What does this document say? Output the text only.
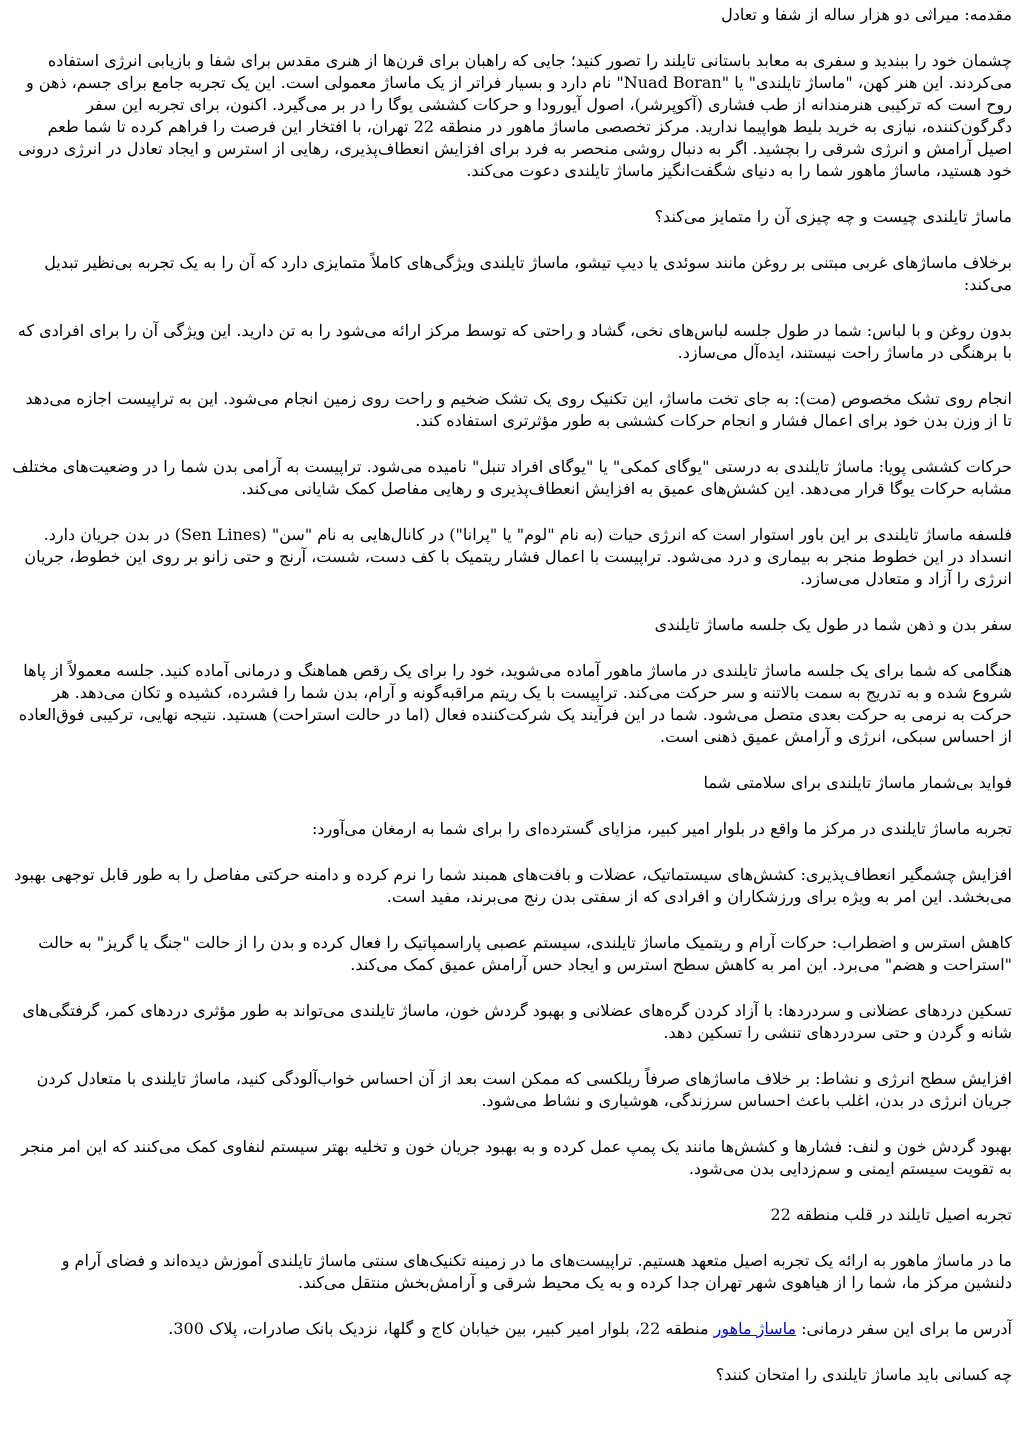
مقدمه: میراثی دو هزار ساله از شفا و تعادل

چشمان خود را ببندید و سفری به معابد باستانی تایلند را تصور کنید؛ جایی که راهبان برای قرن‌ها از هنری مقدس برای شفا و بازیابی انرژی استفاده می‌کردند. این هنر کهن، "ماساژ تایلندی" یا "Nuad Boran" نام دارد و بسیار فراتر از یک ماساژ معمولی است. این یک تجربه جامع برای جسم، ذهن و روح است که ترکیبی هنرمندانه از طب فشاری (آکوپرشر)، اصول آیورودا و حرکات کششی یوگا را در بر می‌گیرد. اکنون، برای تجربه این سفر دگرگون‌کننده، نیازی به خرید بلیط هواپیما ندارید. مرکز تخصصی ماساژ ماهور در منطقه 22 تهران، با افتخار این فرصت را فراهم کرده تا شما طعم اصیل آرامش و انرژی شرقی را بچشید. اگر به دنبال روشی منحصر به فرد برای افزایش انعطاف‌پذیری، رهایی از استرس و ایجاد تعادل در انرژی درونی خود هستید، ماساژ ماهور شما را به دنیای شگفت‌انگیز ماساژ تایلندی دعوت می‌کند.

ماساژ تایلندی چیست و چه چیزی آن را متمایز می‌کند؟

برخلاف ماساژهای غربی مبتنی بر روغن مانند سوئدی یا دیپ تیشو، ماساژ تایلندی ویژگی‌های کاملاً متمایزی دارد که آن را به یک تجربه بی‌نظیر تبدیل می‌کند:

بدون روغن و با لباس: شما در طول جلسه لباس‌های نخی، گشاد و راحتی که توسط مرکز ارائه می‌شود را به تن دارید. این ویژگی آن را برای افرادی که با برهنگی در ماساژ راحت نیستند، ایده‌آل می‌سازد.

انجام روی تشک مخصوص (مت): به جای تخت ماساژ، این تکنیک روی یک تشک ضخیم و راحت روی زمین انجام می‌شود. این به تراپیست اجازه می‌دهد تا از وزن بدن خود برای اعمال فشار و انجام حرکات کششی به طور مؤثرتری استفاده کند.

حرکات کششی پویا: ماساژ تایلندی به درستی "یوگای کمکی" یا "یوگای افراد تنبل" نامیده می‌شود. تراپیست به آرامی بدن شما را در وضعیت‌های مختلف مشابه حرکات یوگا قرار می‌دهد. این کشش‌های عمیق به افزایش انعطاف‌پذیری و رهایی مفاصل کمک شایانی می‌کند.

فلسفه ماساژ تایلندی بر این باور استوار است که انرژی حیات (به نام "لوم" یا "پرانا") در کانال‌هایی به نام "سن" (Sen Lines) در بدن جریان دارد. انسداد در این خطوط منجر به بیماری و درد می‌شود. تراپیست با اعمال فشار ریتمیک با کف دست، شست، آرنج و حتی زانو بر روی این خطوط، جریان انرژی را آزاد و متعادل می‌سازد.

سفر بدن و ذهن شما در طول یک جلسه ماساژ تایلندی

هنگامی که شما برای یک جلسه ماساژ تایلندی در ماساژ ماهور آماده می‌شوید، خود را برای یک رقص هماهنگ و درمانی آماده کنید. جلسه معمولاً از پاها شروع شده و به تدریج به سمت بالاتنه و سر حرکت می‌کند. تراپیست با یک ریتم مراقبه‌گونه و آرام، بدن شما را فشرده، کشیده و تکان می‌دهد. هر حرکت به نرمی به حرکت بعدی متصل می‌شود. شما در این فرآیند یک شرکت‌کننده فعال (اما در حالت استراحت) هستید. نتیجه نهایی، ترکیبی فوق‌العاده از احساس سبکی، انرژی و آرامش عمیق ذهنی است.

فواید بی‌شمار ماساژ تایلندی برای سلامتی شما

تجربه ماساژ تایلندی در مرکز ما واقع در بلوار امیر کبیر، مزایای گسترده‌ای را برای شما به ارمغان می‌آورد:

افزایش چشمگیر انعطاف‌پذیری: کشش‌های سیستماتیک، عضلات و بافت‌های همبند شما را نرم کرده و دامنه حرکتی مفاصل را به طور قابل توجهی بهبود می‌بخشد. این امر به ویژه برای ورزشکاران و افرادی که از سفتی بدن رنج می‌برند، مفید است.

کاهش استرس و اضطراب: حرکات آرام و ریتمیک ماساژ تایلندی، سیستم عصبی پاراسمپاتیک را فعال کرده و بدن را از حالت "جنگ یا گریز" به حالت "استراحت و هضم" می‌برد. این امر به کاهش سطح استرس و ایجاد حس آرامش عمیق کمک می‌کند.

تسکین دردهای عضلانی و سردردها: با آزاد کردن گره‌های عضلانی و بهبود گردش خون، ماساژ تایلندی می‌تواند به طور مؤثری دردهای کمر، گرفتگی‌های شانه و گردن و حتی سردردهای تنشی را تسکین دهد.

افزایش سطح انرژی و نشاط: بر خلاف ماساژهای صرفاً ریلکسی که ممکن است بعد از آن احساس خواب‌آلودگی کنید، ماساژ تایلندی با متعادل کردن جریان انرژی در بدن، اغلب باعث احساس سرزندگی، هوشیاری و نشاط می‌شود.

بهبود گردش خون و لنف: فشارها و کشش‌ها مانند یک پمپ عمل کرده و به بهبود جریان خون و تخلیه بهتر سیستم لنفاوی کمک می‌کنند که این امر منجر به تقویت سیستم ایمنی و سم‌زدایی بدن می‌شود.

تجربه اصیل تایلند در قلب منطقه 22

ما در ماساژ ماهور به ارائه یک تجربه اصیل متعهد هستیم. تراپیست‌های ما در زمینه تکنیک‌های سنتی ماساژ تایلندی آموزش دیده‌اند و فضای آرام و دلنشین مرکز ما، شما را از هیاهوی شهر تهران جدا کرده و به یک محیط شرقی و آرامش‌بخش منتقل می‌کند.

آدرس ما برای این سفر درمانی: ماساژ ماهور منطقه 22، بلوار امیر کبیر، بین خیابان کاج و گلها، نزدیک بانک صادرات، پلاک 300.

چه کسانی باید ماساژ تایلندی را امتحان کنند؟
